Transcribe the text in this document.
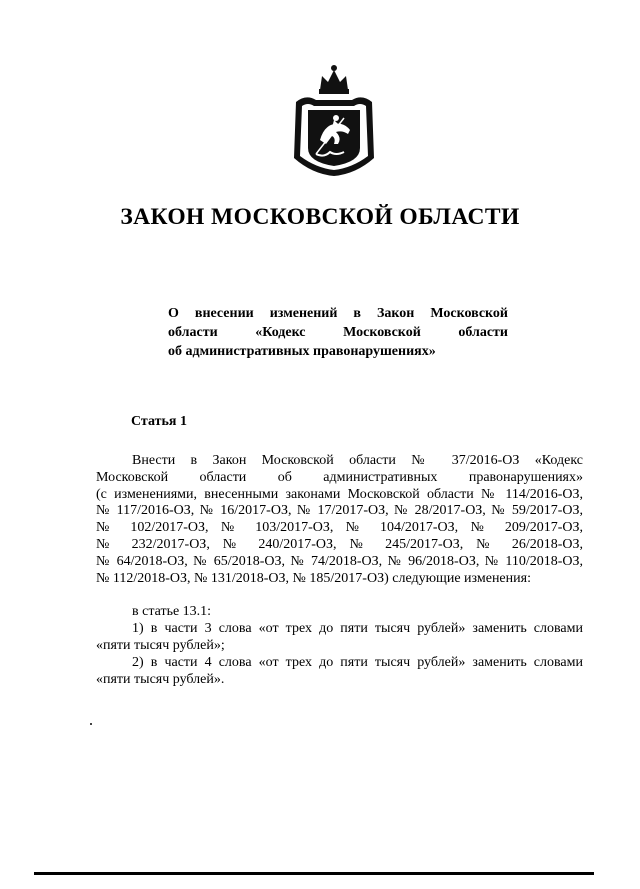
ЗАКОН МОСКОВСКОЙ ОБЛАСТИ
О внесении изменений в Закон Московской
области «Кодекс Московской области
об административных правонарушениях»
Статья 1
Внести в Закон Московской области № 37/2016-ОЗ «Кодекс
Московской области об административных правонарушениях»
(с изменениями, внесенными законами Московской области № 114/2016-ОЗ,
№ 117/2016-ОЗ, № 16/2017-ОЗ, № 17/2017-ОЗ, № 28/2017-ОЗ, № 59/2017-ОЗ,
№ 102/2017-ОЗ, № 103/2017-ОЗ, № 104/2017-ОЗ, № 209/2017-ОЗ,
№ 232/2017-ОЗ, № 240/2017-ОЗ, № 245/2017-ОЗ, № 26/2018-ОЗ,
№ 64/2018-ОЗ, № 65/2018-ОЗ, № 74/2018-ОЗ, № 96/2018-ОЗ, № 110/2018-ОЗ,
№ 112/2018-ОЗ, № 131/2018-ОЗ, № 185/2017-ОЗ) следующие изменения:
в статье 13.1:
1) в части 3 слова «от трех до пяти тысяч рублей» заменить словами
«пяти тысяч рублей»;
2) в части 4 слова «от трех до пяти тысяч рублей» заменить словами
«пяти тысяч рублей».
